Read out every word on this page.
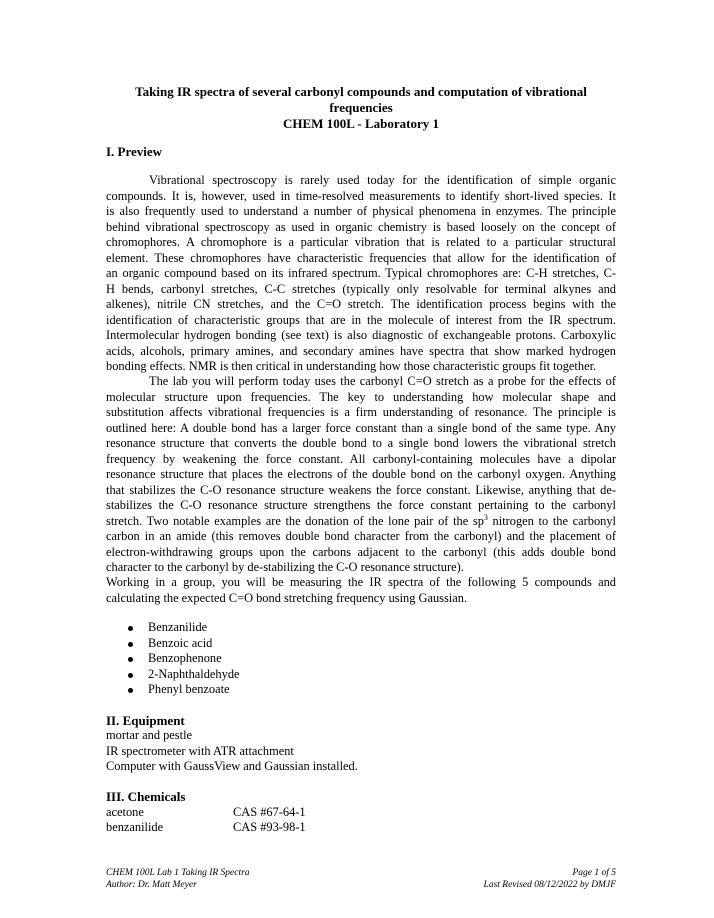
Taking IR spectra of several carbonyl compounds and computation of vibrational
frequencies
CHEM 100L - Laboratory 1
I. Preview

Vibrational spectroscopy is rarely used today for the identification of simple organic
compounds. It is, however, used in time-resolved measurements to identify short-lived species. It
is also frequently used to understand a number of physical phenomena in enzymes. The principle
behind vibrational spectroscopy as used in organic chemistry is based loosely on the concept of
chromophores. A chromophore is a particular vibration that is related to a particular structural
element. These chromophores have characteristic frequencies that allow for the identification of
an organic compound based on its infrared spectrum. Typical chromophores are: C-H stretches, C-
H bends, carbonyl stretches, C-C stretches (typically only resolvable for terminal alkynes and
alkenes), nitrile CN stretches, and the C=O stretch. The identification process begins with the
identification of characteristic groups that are in the molecule of interest from the IR spectrum.
Intermolecular hydrogen bonding (see text) is also diagnostic of exchangeable protons. Carboxylic
acids, alcohols, primary amines, and secondary amines have spectra that show marked hydrogen
bonding effects. NMR is then critical in understanding how those characteristic groups fit together.

The lab you will perform today uses the carbonyl C=O stretch as a probe for the effects of
molecular structure upon frequencies. The key to understanding how molecular shape and
substitution affects vibrational frequencies is a firm understanding of resonance. The principle is
outlined here: A double bond has a larger force constant than a single bond of the same type. Any
resonance structure that converts the double bond to a single bond lowers the vibrational stretch
frequency by weakening the force constant. All carbonyl-containing molecules have a dipolar
resonance structure that places the electrons of the double bond on the carbonyl oxygen. Anything
that stabilizes the C-O resonance structure weakens the force constant. Likewise, anything that de-
stabilizes the C-O resonance structure strengthens the force constant pertaining to the carbonyl
stretch. Two notable examples are the donation of the lone pair of the $sp^3$ nitrogen to the carbonyl
carbon in an amide (this removes double bond character from the carbonyl) and the placement of
electron-withdrawing groups upon the carbons adjacent to the carbonyl (this adds double bond
character to the carbonyl by de-stabilizing the C-O resonance structure).

Working in a group, you will be measuring the IR spectra of the following 5 compounds and
calculating the expected C=O bond stretching frequency using Gaussian.

Benzanilide
Benzoic acid
Benzophenone
2-Naphthaldehyde
Phenyl benzoate
II. Equipment
mortar and pestle
IR spectrometer with ATR attachment
Computer with GaussView and Gaussian installed.
III. Chemicals
acetone	CAS #67-64-1
benzanilide	CAS #93-98-1
CHEM 100L Lab 1 Taking IR Spectra
Author: Dr. Matt Meyer
Page 1 of 5
Last Revised 08/12/2022 by DMJF
